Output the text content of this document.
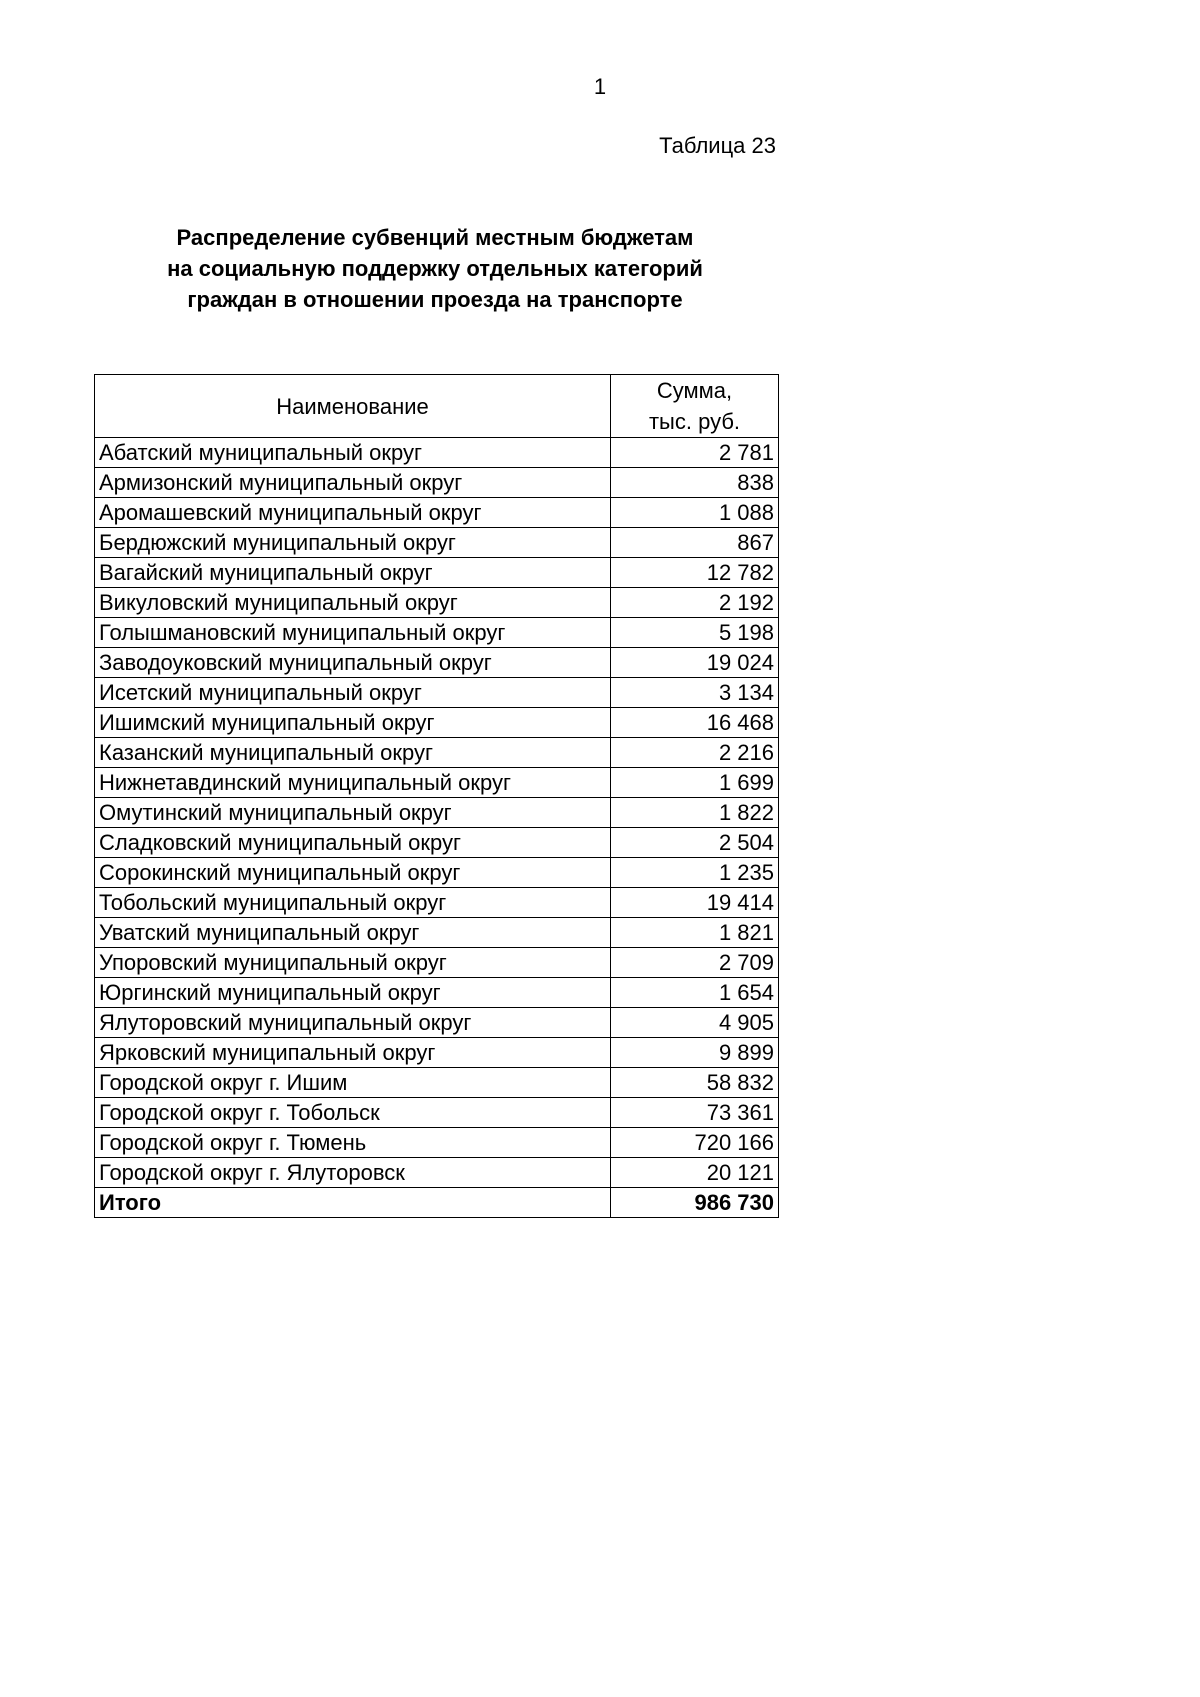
1
Таблица 23
Распределение субвенций местным бюджетам
на социальную поддержку отдельных категорий
граждан в отношении проезда на транспорте
Наименование	Сумма,
тыс. руб.

Абатский муниципальный округ	2 781
Армизонский муниципальный округ	838
Аромашевский муниципальный округ	1 088
Бердюжский муниципальный округ	867
Вагайский муниципальный округ	12 782
Викуловский муниципальный округ	2 192
Голышмановский муниципальный округ	5 198
Заводоуковский муниципальный округ	19 024
Исетский муниципальный округ	3 134
Ишимский муниципальный округ	16 468
Казанский муниципальный округ	2 216
Нижнетавдинский муниципальный округ	1 699
Омутинский муниципальный округ	1 822
Сладковский муниципальный округ	2 504
Сорокинский муниципальный округ	1 235
Тобольский муниципальный округ	19 414
Уватский муниципальный округ	1 821
Упоровский муниципальный округ	2 709
Юргинский муниципальный округ	1 654
Ялуторовский муниципальный округ	4 905
Ярковский муниципальный округ	9 899
Городской округ г. Ишим	58 832
Городской округ г. Тобольск	73 361
Городской округ г. Тюмень	720 166
Городской округ г. Ялуторовск	20 121
Итого	986 730
